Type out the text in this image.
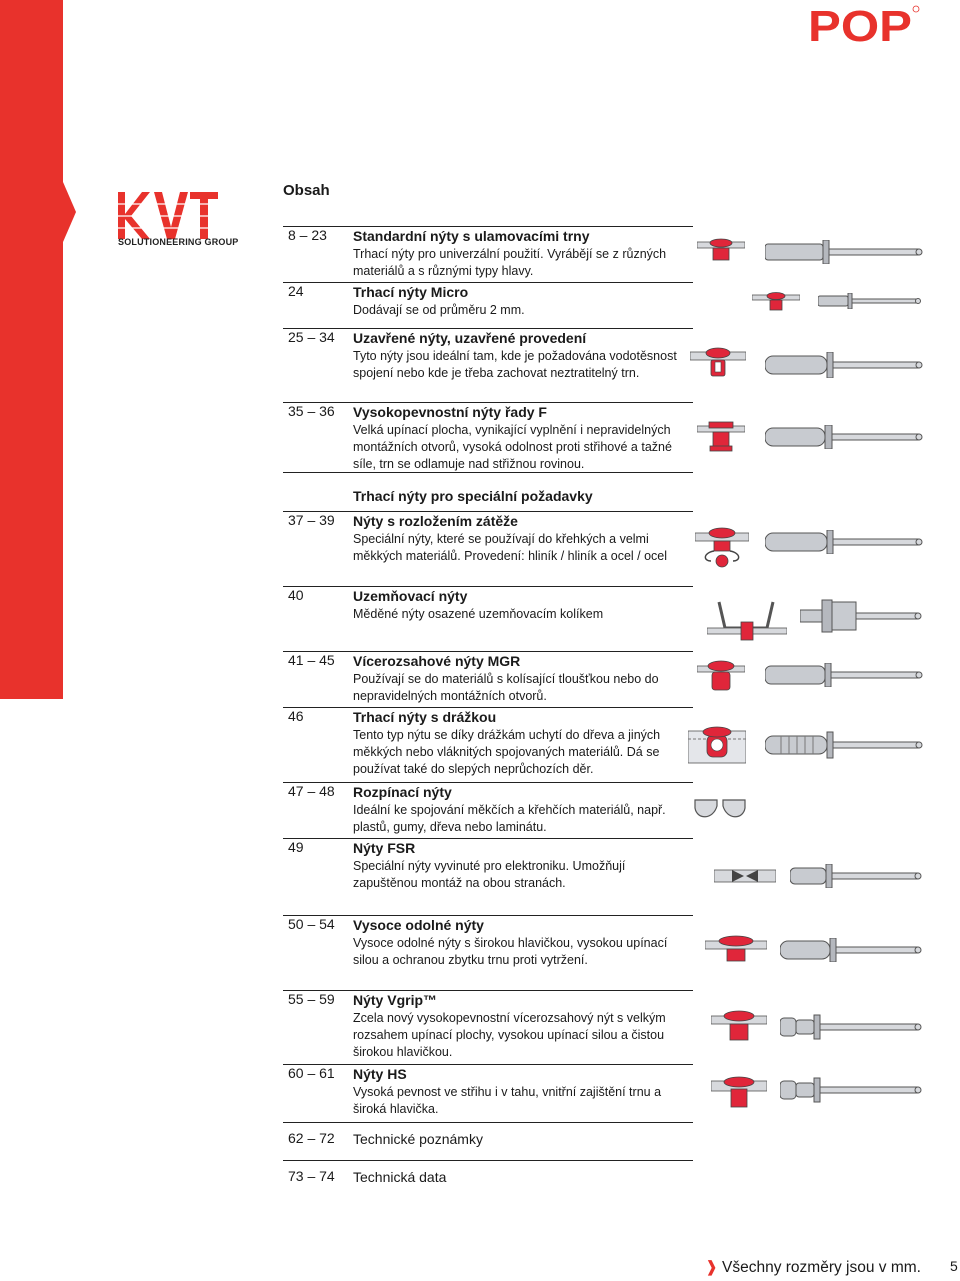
SOLUTIONEERING GROUP
POP
Obsah
8 – 23 Standardní nýty s ulamovacími trny
Trhací nýty pro univerzální použití. Vyrábějí se z různých materiálů a s různými typy hlavy.
24	Trhací nýty Micro
Dodávají se od průměru 2 mm.
25 – 34 Uzavřené nýty, uzavřené provedení
Tyto nýty jsou ideální tam, kde je požadována vodotěsnost spojení nebo kde je třeba zachovat neztratitelný trn.
35 – 36 Vysokopevnostní nýty řady F
Velká upínací plocha, vynikající vyplnění i nepravidelných montážních otvorů, vysoká odolnost proti střihové a tažné síle, trn se odlamuje nad střižnou rovinou.
Trhací nýty pro speciální požadavky
37 – 39 Nýty s rozložením zátěže
Speciální nýty, které se používají do křehkých a velmi měkkých materiálů. Provedení: hliník / hliník a ocel / ocel
40	Uzemňovací nýty
Měděné nýty osazené uzemňovacím kolíkem
41 – 45 Vícerozsahové nýty MGR
Používají se do materiálů s kolísající tloušťkou nebo do nepravidelných montážních otvorů.
46	Trhací nýty s drážkou
Tento typ nýtu se díky drážkám uchytí do dřeva a jiných měkkých nebo vláknitých spojovaných materiálů. Dá se používat také do slepých neprůchozích děr.
47 – 48 Rozpínací nýty
Ideální ke spojování měkčích a křehčích materiálů, např. plastů, gumy, dřeva nebo laminátu.
49	Nýty FSR
Speciální nýty vyvinuté pro elektroniku. Umožňují zapuštěnou montáž na obou stranách.
50 – 54 Vysoce odolné nýty
Vysoce odolné nýty s širokou hlavičkou, vysokou upínací silou a ochranou zbytku trnu proti vytržení.
55 – 59 Nýty Vgrip™
Zcela nový vysokopevnostní vícerozsahový nýt s velkým rozsahem upínací plochy, vysokou upínací silou a čistou širokou hlavičkou.
60 – 61 Nýty HS
Vysoká pevnost ve střihu i v tahu, vnitřní zajištění trnu a široká hlavička.
62 – 72 Technické poznámky
73 – 74 Technická data
❱ Všechny rozměry jsou v mm. 5
